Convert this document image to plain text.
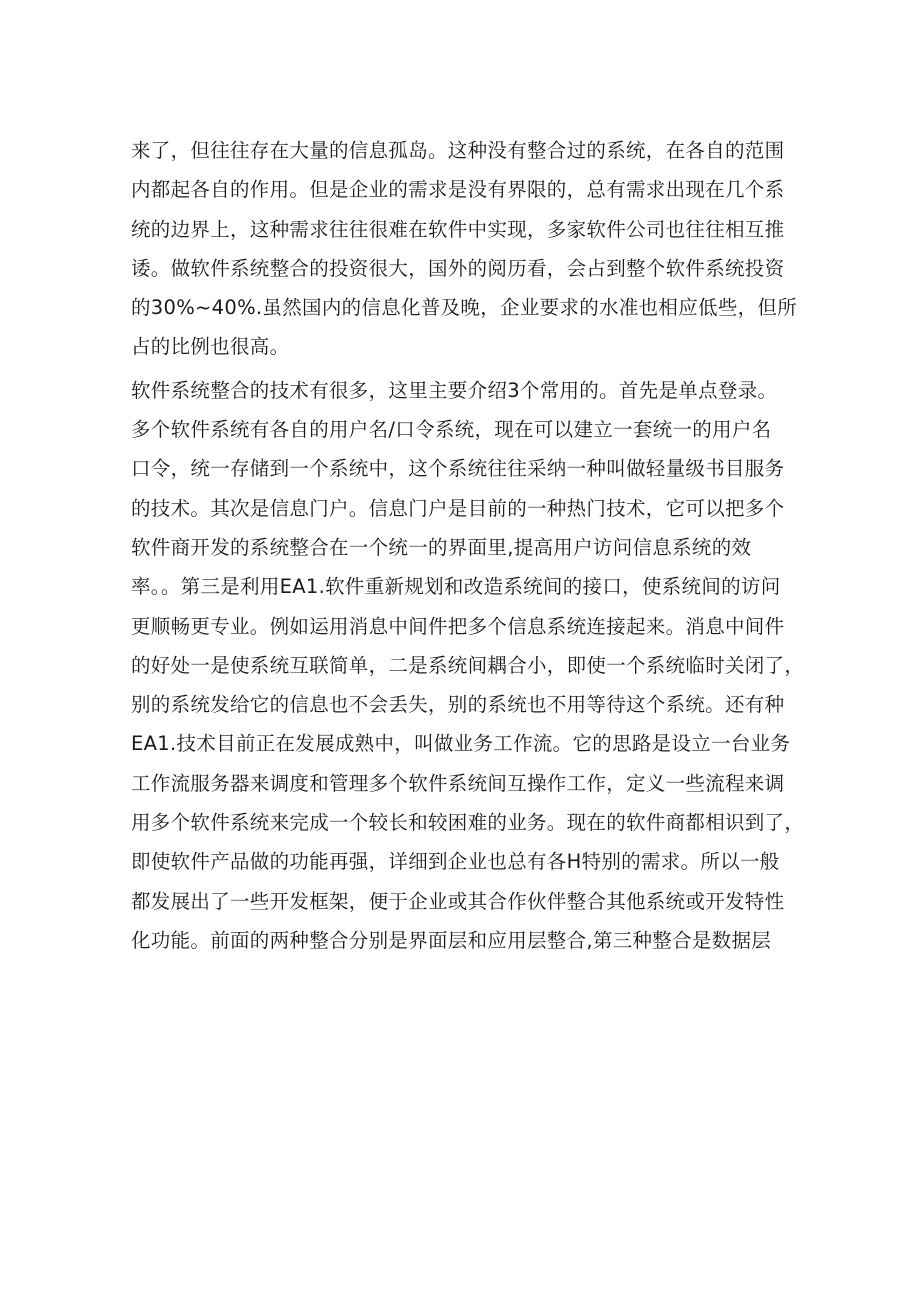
来了，但往往存在大量的信息孤岛。这种没有整合过的系统，在各自的范围
内都起各自的作用。但是企业的需求是没有界限的，总有需求出现在几个系
统的边界上，这种需求往往很难在软件中实现，多家软件公司也往往相互推
诿。做软件系统整合的投资很大，国外的阅历看，会占到整个软件系统投资
的30%~40%.虽然国内的信息化普及晚，企业要求的水准也相应低些，但所
占的比例也很高。
软件系统整合的技术有很多，这里主要介绍3个常用的。首先是单点登录。
多个软件系统有各自的用户名/口令系统，现在可以建立一套统一的用户名
口令，统一存储到一个系统中，这个系统往往采纳一种叫做轻量级书目服务
的技术。其次是信息门户。信息门户是目前的一种热门技术，它可以把多个
软件商开发的系统整合在一个统一的界面里,提高用户访问信息系统的效
率。。第三是利用EA1.软件重新规划和改造系统间的接口，使系统间的访问
更顺畅更专业。例如运用消息中间件把多个信息系统连接起来。消息中间件
的好处一是使系统互联简单，二是系统间耦合小，即使一个系统临时关闭了，
别的系统发给它的信息也不会丢失，别的系统也不用等待这个系统。还有种
EA1.技术目前正在发展成熟中，叫做业务工作流。它的思路是设立一台业务
工作流服务器来调度和管理多个软件系统间互操作工作，定义一些流程来调
用多个软件系统来完成一个较长和较困难的业务。现在的软件商都相识到了，
即使软件产品做的功能再强，详细到企业也总有各H特别的需求。所以一般
都发展出了一些开发框架，便于企业或其合作伙伴整合其他系统或开发特性
化功能。前面的两种整合分别是界面层和应用层整合,第三种整合是数据层
